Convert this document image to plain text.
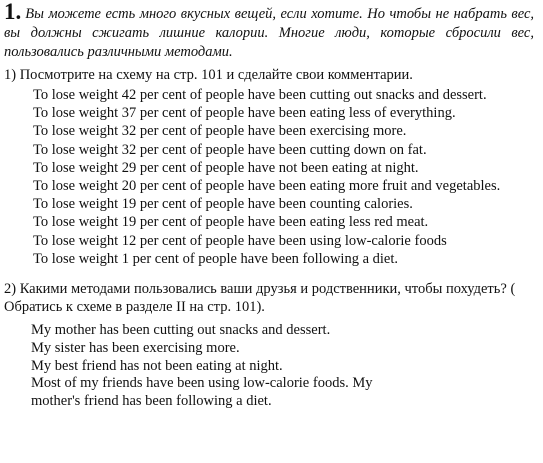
1. Вы можете есть много вкусных вещей, если хотите. Но чтобы не набрать вес, вы должны сжигать лишние калории. Многие люди, которые сбросили вес, пользовались различными методами.

1) Посмотрите на схему на стр. 101 и сделайте свои комментарии.

To lose weight 42 per cent of people have been cutting out snacks and dessert.

To lose weight 37 per cent of people have been eating less of everything.

To lose weight 32 per cent of people have been exercising more.

To lose weight 32 per cent of people have been cutting down on fat.

To lose weight 29 per cent of people have not been eating at night.

To lose weight 20 per cent of people have been eating more fruit and vegetables.

To lose weight 19 per cent of people have been counting calories.

To lose weight 19 per cent of people have been eating less red meat.

To lose weight 12 per cent of people have been using low-calorie foods

To lose weight 1 per cent of people have been following a diet.

2) Какими методами пользовались ваши друзья и родственники, чтобы похудеть? ( Обратись к схеме в разделе II на стр. 101).

My mother has been cutting out snacks and dessert.

My sister has been exercising more.

My best friend has not been eating at night.

Most of my friends have been using low-calorie foods. My mother's friend has been following a diet.
